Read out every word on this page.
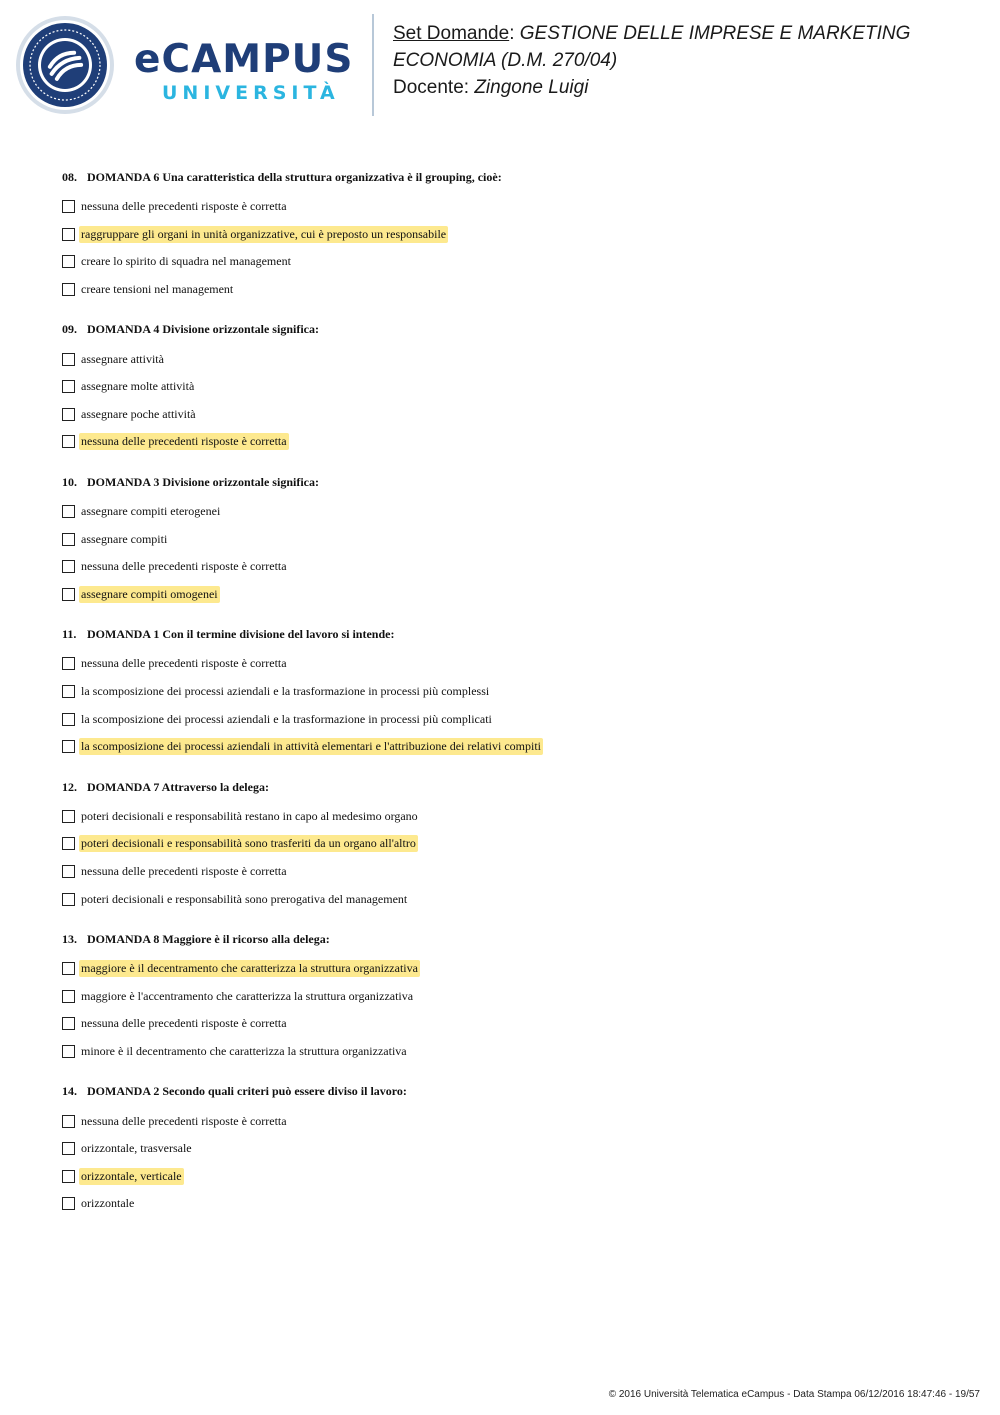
eCAMPUS
UNIVERSITÀ
Set Domande: GESTIONE DELLE IMPRESE E MARKETING
ECONOMIA (D.M. 270/04)
Docente: Zingone Luigi
08. DOMANDA 6 Una caratteristica della struttura organizzativa è il grouping, cioè:
nessuna delle precedenti risposte è corretta
raggruppare gli organi in unità organizzative, cui è preposto un responsabile
creare lo spirito di squadra nel management
creare tensioni nel management
09. DOMANDA 4 Divisione orizzontale significa:
assegnare attività
assegnare molte attività
assegnare poche attività
nessuna delle precedenti risposte è corretta
10. DOMANDA 3 Divisione orizzontale significa:
assegnare compiti eterogenei
assegnare compiti
nessuna delle precedenti risposte è corretta
assegnare compiti omogenei
11. DOMANDA 1 Con il termine divisione del lavoro si intende:
nessuna delle precedenti risposte è corretta
la scomposizione dei processi aziendali e la trasformazione in processi più complessi
la scomposizione dei processi aziendali e la trasformazione in processi più complicati
la scomposizione dei processi aziendali in attività elementari e l'attribuzione dei relativi compiti
12. DOMANDA 7 Attraverso la delega:
poteri decisionali e responsabilità restano in capo al medesimo organo
poteri decisionali e responsabilità sono trasferiti da un organo all'altro
nessuna delle precedenti risposte è corretta
poteri decisionali e responsabilità sono prerogativa del management
13. DOMANDA 8 Maggiore è il ricorso alla delega:
maggiore è il decentramento che caratterizza la struttura organizzativa
maggiore è l'accentramento che caratterizza la struttura organizzativa
nessuna delle precedenti risposte è corretta
minore è il decentramento che caratterizza la struttura organizzativa
14. DOMANDA 2 Secondo quali criteri può essere diviso il lavoro:
nessuna delle precedenti risposte è corretta
orizzontale, trasversale
orizzontale, verticale
orizzontale
© 2016 Università Telematica eCampus - Data Stampa 06/12/2016 18:47:46 - 19/57
